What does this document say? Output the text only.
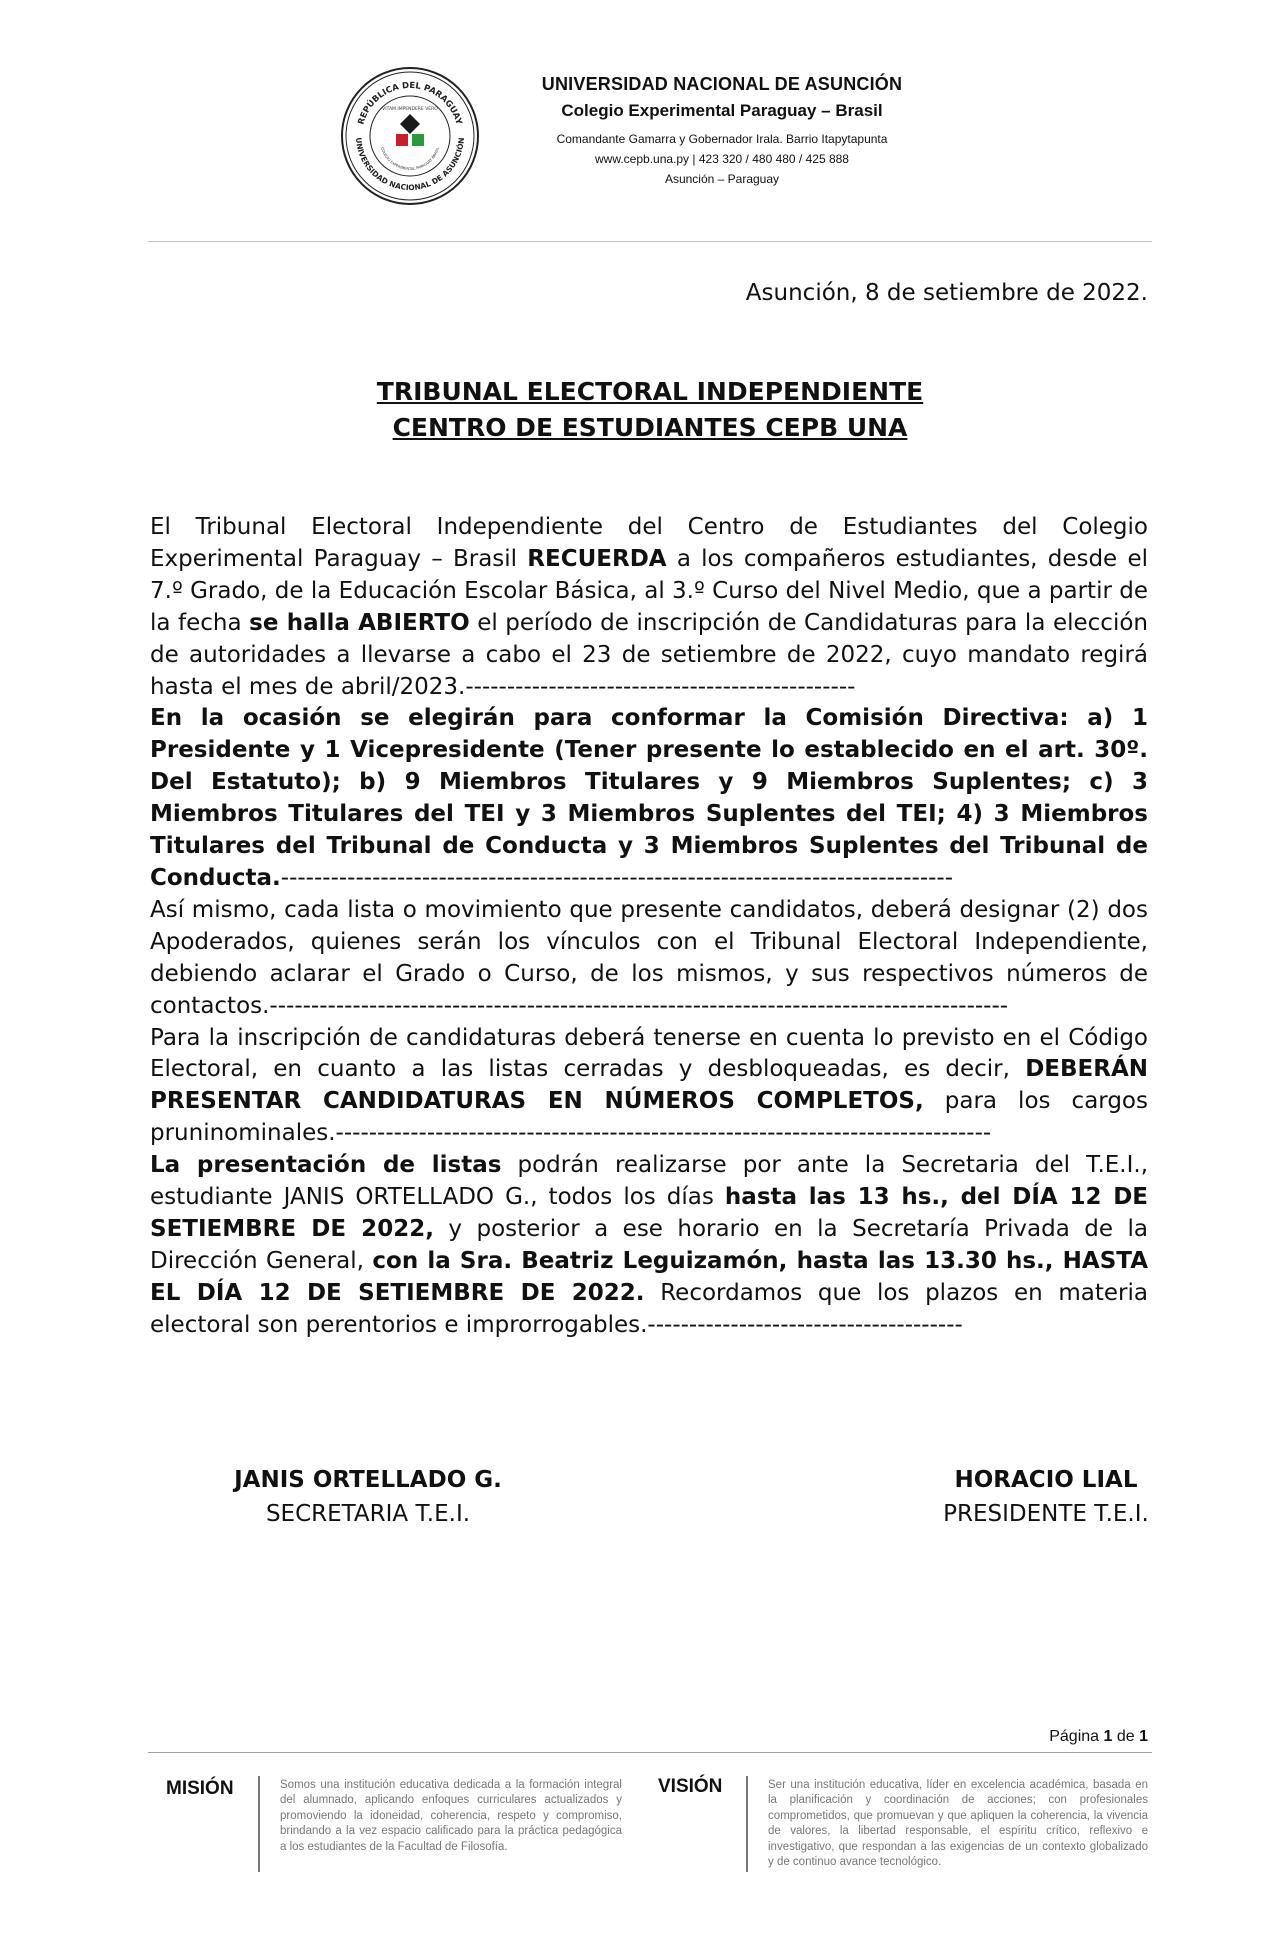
REPÚBLICA DEL PARAGUAY
UNIVERSIDAD NACIONAL DE ASUNCIÓN
VITAM IMPENDERE VERO
COLEGIO EXPERIMENTAL PARAGUAY BRASIL
UNIVERSIDAD NACIONAL DE ASUNCIÓN
Colegio Experimental Paraguay – Brasil
Comandante Gamarra y Gobernador Irala. Barrio Itapytapunta
www.cepb.una.py | 423 320 / 480 480 / 425 888
Asunción – Paraguay
Asunción, 8 de setiembre de 2022.
TRIBUNAL ELECTORAL INDEPENDIENTE
CENTRO DE ESTUDIANTES CEPB UNA

El Tribunal Electoral Independiente del Centro de Estudiantes del Colegio Experimental Paraguay – Brasil RECUERDA a los compañeros estudiantes, desde el 7.º Grado, de la Educación Escolar Básica, al 3.º Curso del Nivel Medio, que a partir de la fecha se halla ABIERTO el período de inscripción de Candidaturas para la elección de autoridades a llevarse a cabo el 23 de setiembre de 2022, cuyo mandato regirá hasta el mes de abril/2023.-----------------------------------------------

En la ocasión se elegirán para conformar la Comisión Directiva: a) 1 Presidente y 1 Vicepresidente (Tener presente lo establecido en el art. 30º. Del Estatuto); b) 9 Miembros Titulares y 9 Miembros Suplentes; c) 3 Miembros Titulares del TEI y 3 Miembros Suplentes del TEI; 4) 3 Miembros Titulares del Tribunal de Conducta y 3 Miembros Suplentes del Tribunal de Conducta.---------------------------------------------------------------------------------

Así mismo, cada lista o movimiento que presente candidatos, deberá designar (2) dos Apoderados, quienes serán los vínculos con el Tribunal Electoral Independiente, debiendo aclarar el Grado o Curso, de los mismos, y sus respectivos números de contactos.-----------------------------------------------------------------------------------------

Para la inscripción de candidaturas deberá tenerse en cuenta lo previsto en el Código Electoral, en cuanto a las listas cerradas y desbloqueadas, es decir, DEBERÁN PRESENTAR CANDIDATURAS EN NÚMEROS COMPLETOS, para los cargos pruninominales.-------------------------------------------------------------------------------

La presentación de listas podrán realizarse por ante la Secretaria del T.E.I., estudiante JANIS ORTELLADO G., todos los días hasta las 13 hs., del DÍA 12 DE SETIEMBRE DE 2022, y posterior a ese horario en la Secretaría Privada de la Dirección General, con la Sra. Beatriz Leguizamón, hasta las 13.30 hs., HASTA EL DÍA 12 DE SETIEMBRE DE 2022. Recordamos que los plazos en materia electoral son perentorios e improrrogables.--------------------------------------

JANIS ORTELLADO G.
SECRETARIA T.E.I.
HORACIO LIAL
PRESIDENTE T.E.I.
Página 1 de 1
MISIÓN	Somos una institución educativa dedicada a la formación integral del alumnado, aplicando enfoques curriculares actualizados y promoviendo la idoneidad, coherencia, respeto y compromiso, brindando a la vez espacio calificado para la práctica pedagógica a los estudiantes de la Facultad de Filosofía.
VISIÓN	Ser una institución educativa, líder en excelencia académica, basada en la planificación y coordinación de acciones; con profesionales comprometidos, que promuevan y que apliquen la coherencia, la vivencia de valores, la libertad responsable, el espíritu crítico, reflexivo e investigativo, que respondan a las exigencias de un contexto globalizado y de continuo avance tecnológico.
